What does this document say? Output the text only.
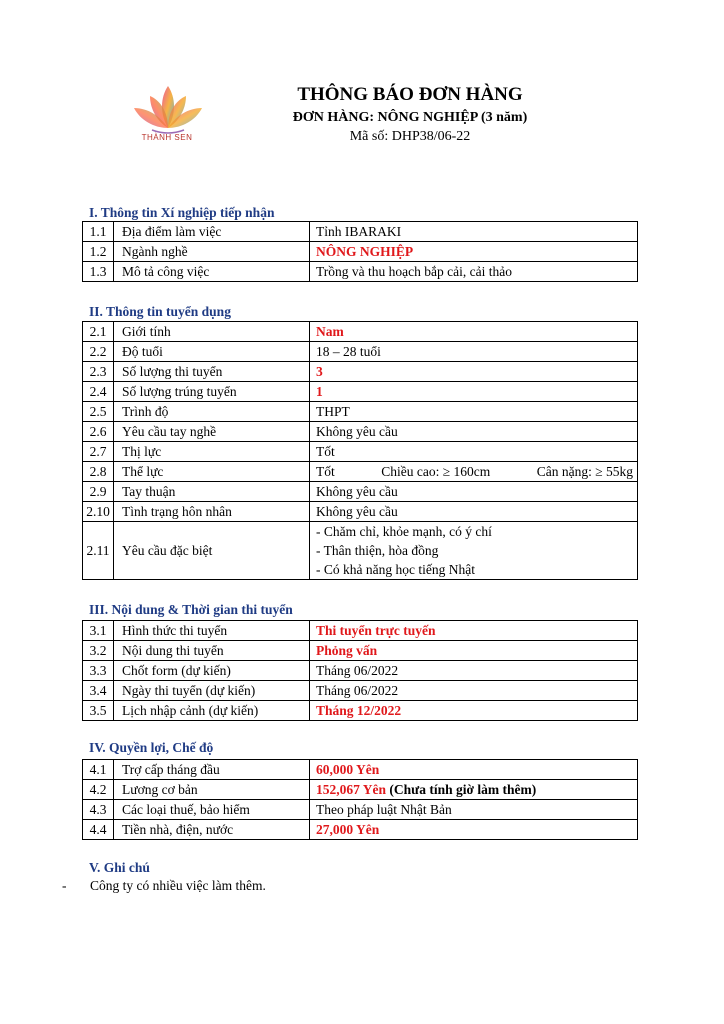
THÀNH SEN
THÔNG BÁO ĐƠN HÀNG
ĐƠN HÀNG: NÔNG NGHIỆP (3 năm)
Mã số: DHP38/06-22
I. Thông tin Xí nghiệp tiếp nhận
1.1	Địa điểm làm việc	Tỉnh IBARAKI
1.2	Ngành nghề	NÔNG NGHIỆP
1.3	Mô tả công việc	Trồng và thu hoạch bắp cải, cải thảo
II. Thông tin tuyển dụng
2.1	Giới tính	Nam
2.2	Độ tuổi	18 – 28 tuổi
2.3	Số lượng thi tuyển	3
2.4	Số lượng trúng tuyển	1
2.5	Trình độ	THPT
2.6	Yêu cầu tay nghề	Không yêu cầu
2.7	Thị lực	Tốt
2.8	Thể lực	Tốt Chiều cao: ≥ 160cm Cân nặng: ≥ 55kg

2.9	Tay thuận	Không yêu cầu
2.10	Tình trạng hôn nhân	Không yêu cầu
2.11	Yêu cầu đặc biệt	- Chăm chỉ, khỏe mạnh, có ý chí
- Thân thiện, hòa đồng
- Có khả năng học tiếng Nhật
III. Nội dung & Thời gian thi tuyển
3.1	Hình thức thi tuyển	Thi tuyển trực tuyến
3.2	Nội dung thi tuyển	Phỏng vấn
3.3	Chốt form (dự kiến)	Tháng 06/2022
3.4	Ngày thi tuyển (dự kiến)	Tháng 06/2022
3.5	Lịch nhập cảnh (dự kiến)	Tháng 12/2022
IV. Quyền lợi, Chế độ
4.1	Trợ cấp tháng đầu	60,000 Yên
4.2	Lương cơ bản	152,067 Yên (Chưa tính giờ làm thêm)
4.3	Các loại thuế, bảo hiểm	Theo pháp luật Nhật Bản
4.4	Tiền nhà, điện, nước	27,000 Yên
V. Ghi chú
- Công ty có nhiều việc làm thêm.
